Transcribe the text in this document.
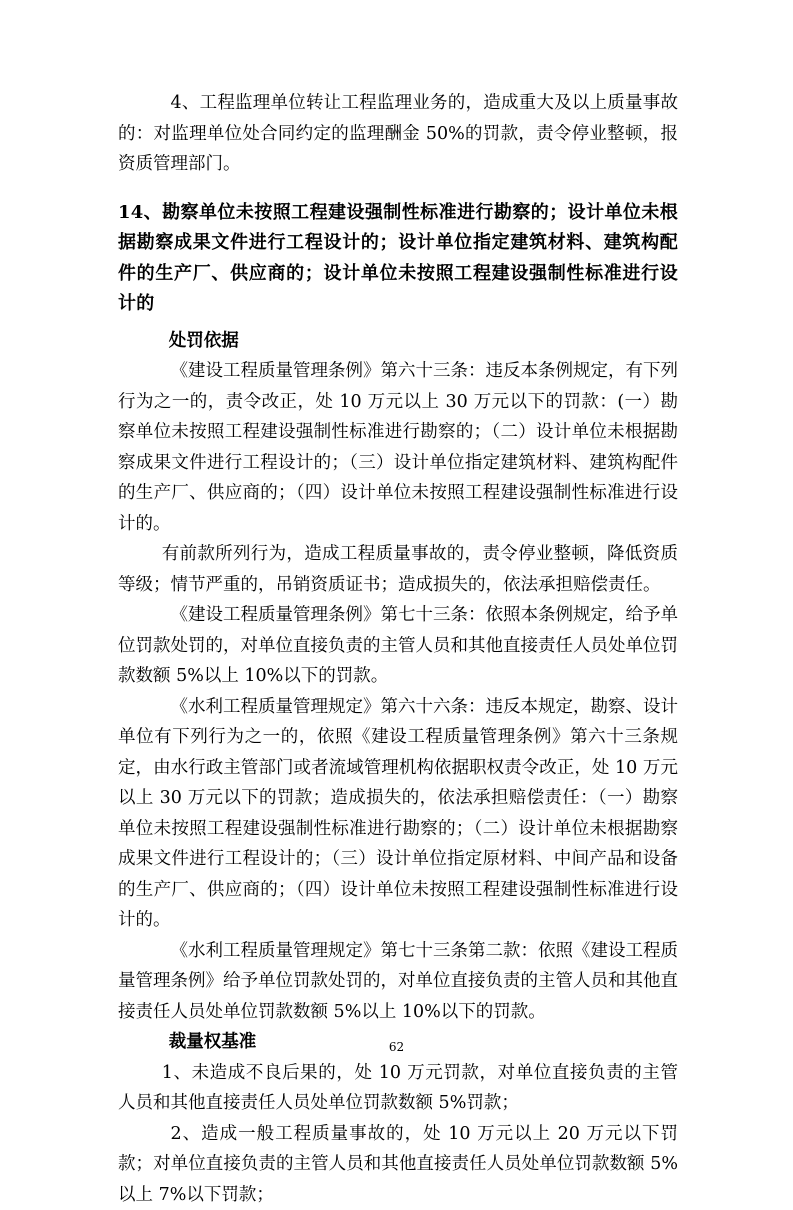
4、工程监理单位转让工程监理业务的，造成重大及以上质量事故的：对监理单位处合同约定的监理酬金 50%的罚款，责令停业整顿，报资质管理部门。

14、勘察单位未按照工程建设强制性标准进行勘察的；设计单位未根据勘察成果文件进行工程设计的；设计单位指定建筑材料、建筑构配件的生产厂、供应商的；设计单位未按照工程建设强制性标准进行设计的

处罚依据

《建设工程质量管理条例》第六十三条：违反本条例规定，有下列行为之一的，责令改正，处 10 万元以上 30 万元以下的罚款：(一）勘察单位未按照工程建设强制性标准进行勘察的；（二）设计单位未根据勘察成果文件进行工程设计的；（三）设计单位指定建筑材料、建筑构配件的生产厂、供应商的；（四）设计单位未按照工程建设强制性标准进行设计的。

有前款所列行为，造成工程质量事故的，责令停业整顿，降低资质等级；情节严重的，吊销资质证书；造成损失的，依法承担赔偿责任。

《建设工程质量管理条例》第七十三条：依照本条例规定，给予单位罚款处罚的，对单位直接负责的主管人员和其他直接责任人员处单位罚款数额 5%以上 10%以下的罚款。

《水利工程质量管理规定》第六十六条：违反本规定，勘察、设计单位有下列行为之一的，依照《建设工程质量管理条例》第六十三条规定，由水行政主管部门或者流域管理机构依据职权责令改正，处 10 万元以上 30 万元以下的罚款；造成损失的，依法承担赔偿责任：（一）勘察单位未按照工程建设强制性标准进行勘察的；（二）设计单位未根据勘察成果文件进行工程设计的；（三）设计单位指定原材料、中间产品和设备的生产厂、供应商的；（四）设计单位未按照工程建设强制性标准进行设计的。

《水利工程质量管理规定》第七十三条第二款：依照《建设工程质量管理条例》给予单位罚款处罚的，对单位直接负责的主管人员和其他直接责任人员处单位罚款数额 5%以上 10%以下的罚款。

裁量权基准

1、未造成不良后果的，处 10 万元罚款，对单位直接负责的主管人员和其他直接责任人员处单位罚款数额 5%罚款；

2、造成一般工程质量事故的，处 10 万元以上 20 万元以下罚款；对单位直接负责的主管人员和其他直接责任人员处单位罚款数额 5%以上 7%以下罚款；

62
